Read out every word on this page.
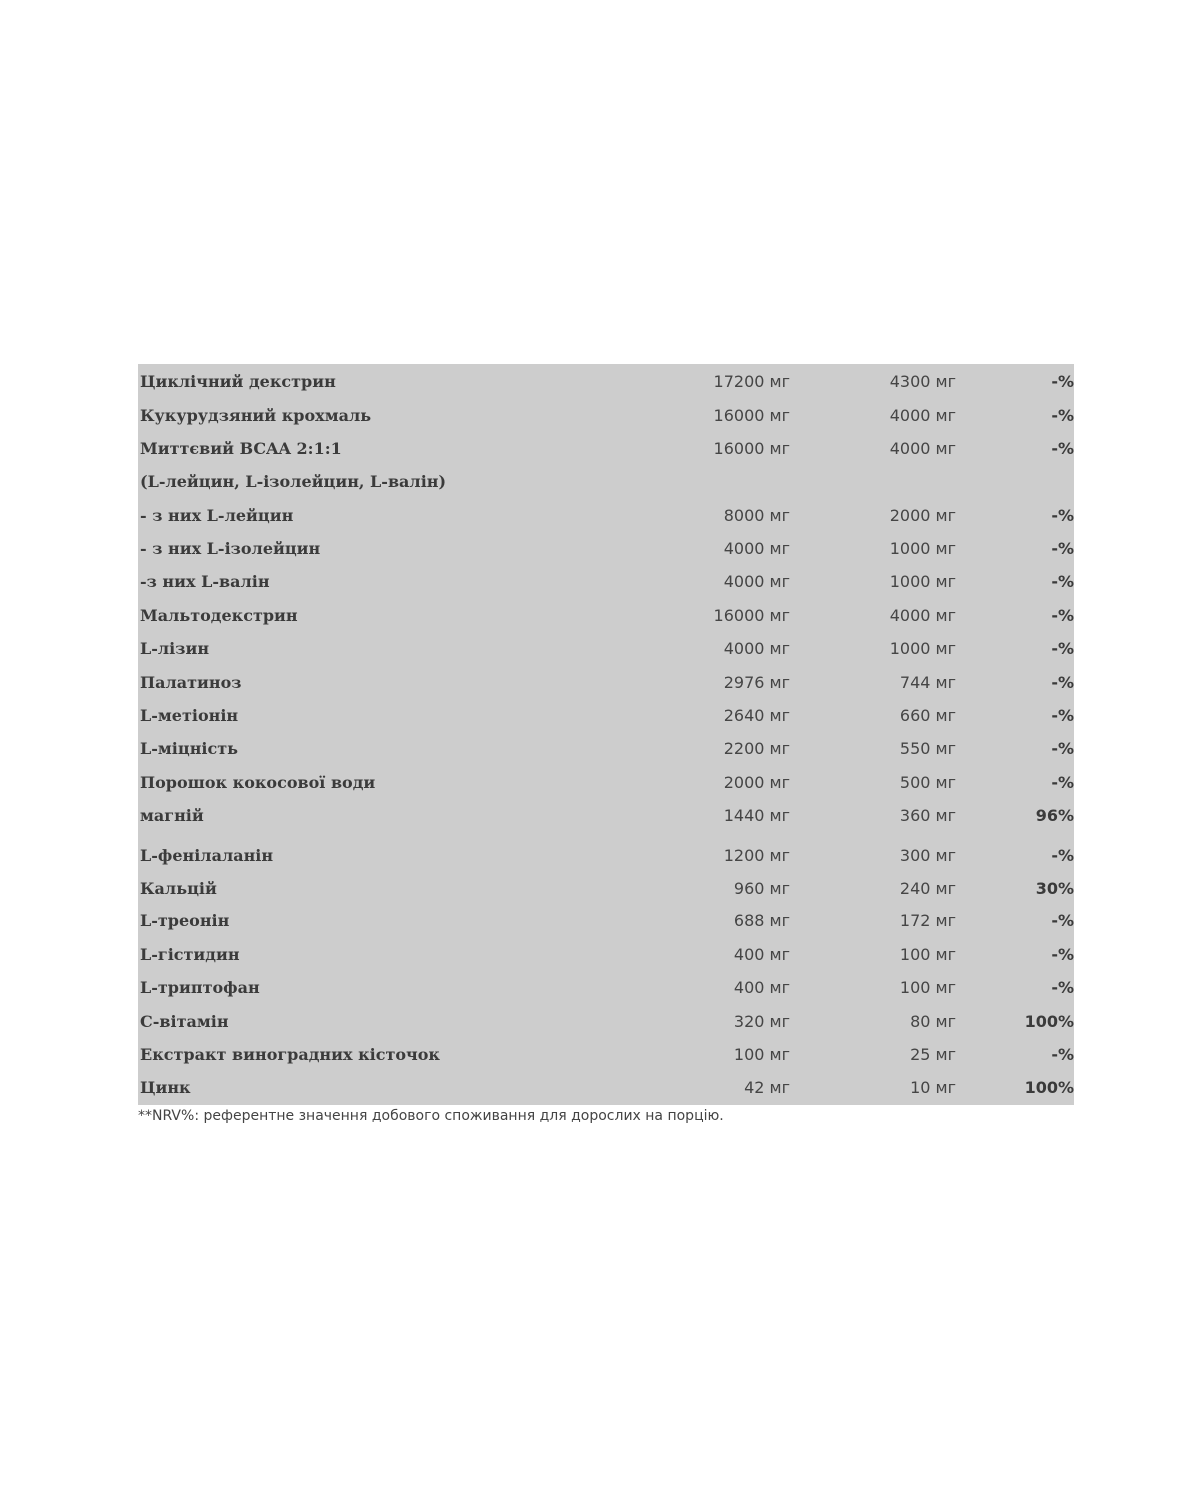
Циклічний декстрин	17200 мг	4300 мг	-%
Кукурудзяний крохмаль	16000 мг	4000 мг	-%
Миттєвий BCAA 2:1:1	16000 мг	4000 мг	-%
(L-лейцин, L-ізолейцин, L-валін)
- з них L-лейцин	8000 мг	2000 мг	-%
- з них L-ізолейцин	4000 мг	1000 мг	-%
-з них L-валін	4000 мг	1000 мг	-%
Мальтодекстрин	16000 мг	4000 мг	-%
L-лізин	4000 мг	1000 мг	-%
Палатиноз	2976 мг	744 мг	-%
L-метіонін	2640 мг	660 мг	-%
L-міцність	2200 мг	550 мг	-%
Порошок кокосової води	2000 мг	500 мг	-%
магній	1440 мг	360 мг	96%
L-фенілаланін	1200 мг	300 мг	-%
Кальцій	960 мг	240 мг	30%
L-треонін	688 мг	172 мг	-%
L-гістидин	400 мг	100 мг	-%
L-триптофан	400 мг	100 мг	-%
С-вітамін	320 мг	80 мг	100%
Екстракт виноградних кісточок	100 мг	25 мг	-%
Цинк	42 мг	10 мг	100%
**NRV%: референтне значення добового споживання для дорослих на порцію.
